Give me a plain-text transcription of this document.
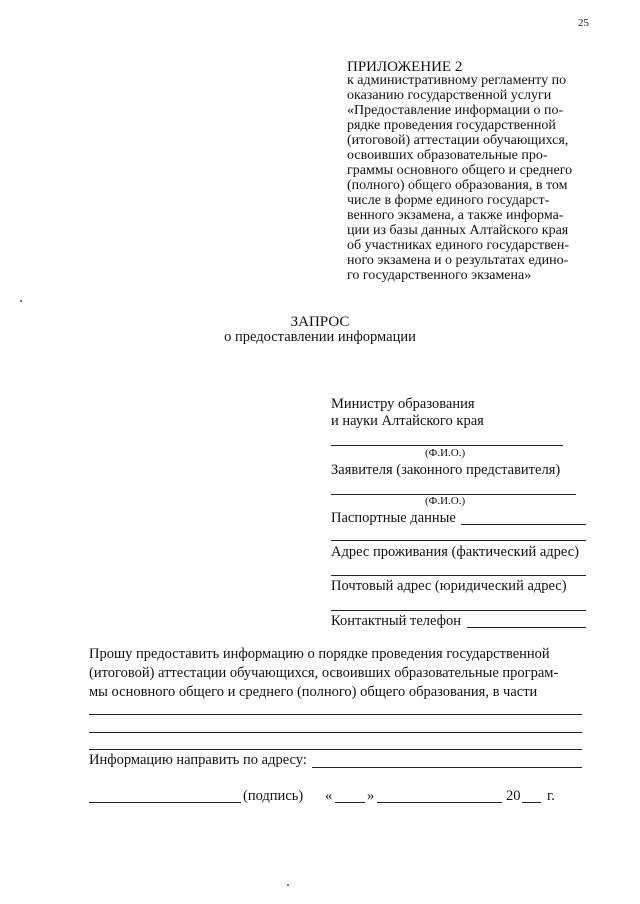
25
ПРИЛОЖЕНИЕ 2
к административному регламенту по
оказанию государственной услуги
«Предоставление информации о по-
рядке проведения государственной
(итоговой) аттестации обучающихся,
освоивших образовательные про-
граммы основного общего и среднего
(полного) общего образования, в том
числе в форме единого государст-
венного экзамена, а также информа-
ции из базы данных Алтайского края
об участниках единого государствен-
ного экзамена и о результатах едино-
го государственного экзамена»
ЗАПРОС
о предоставлении информации
Министру образования
и науки Алтайского края
(Ф.И.О.)
Заявителя (законного представителя)
(Ф.И.О.)
Паспортные данные
Адрес проживания (фактический адрес)
Почтовый адрес (юридический адрес)
Контактный телефон
Прошу предоставить информацию о порядке проведения государственной
(итоговой) аттестации обучающихся, освоивших образовательные програм-
мы основного общего и среднего (полного) общего образования, в части
Информацию направить по адресу:
(подпись) « »	20 г.
